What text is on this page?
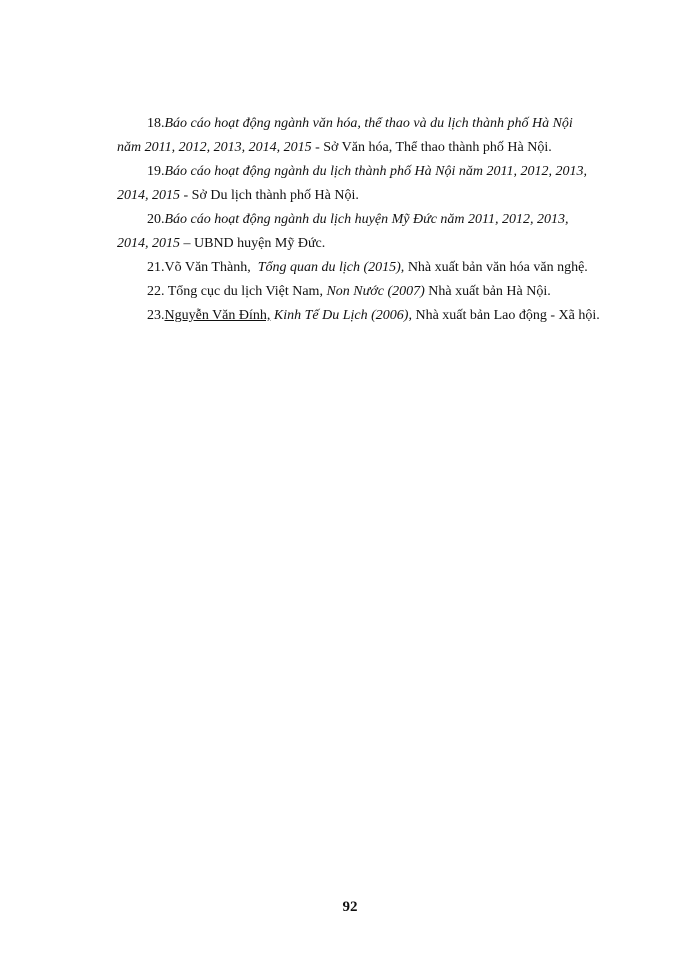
18.Báo cáo hoạt động ngành văn hóa, thể thao và du lịch thành phố Hà Nội
năm 2011, 2012, 2013, 2014, 2015 - Sở Văn hóa, Thể thao thành phố Hà Nội.
19.Báo cáo hoạt động ngành du lịch thành phố Hà Nội năm 2011, 2012, 2013,
2014, 2015 - Sở Du lịch thành phố Hà Nội.
20.Báo cáo hoạt động ngành du lịch huyện Mỹ Đức năm 2011, 2012, 2013,
2014, 2015 – UBND huyện Mỹ Đức.
21.Võ Văn Thành, Tổng quan du lịch (2015), Nhà xuất bản văn hóa văn nghệ.
22. Tổng cục du lịch Việt Nam, Non Nước (2007) Nhà xuất bản Hà Nội.
23.Nguyễn Văn Đính, Kinh Tế Du Lịch (2006), Nhà xuất bản Lao động - Xã hội.
92
